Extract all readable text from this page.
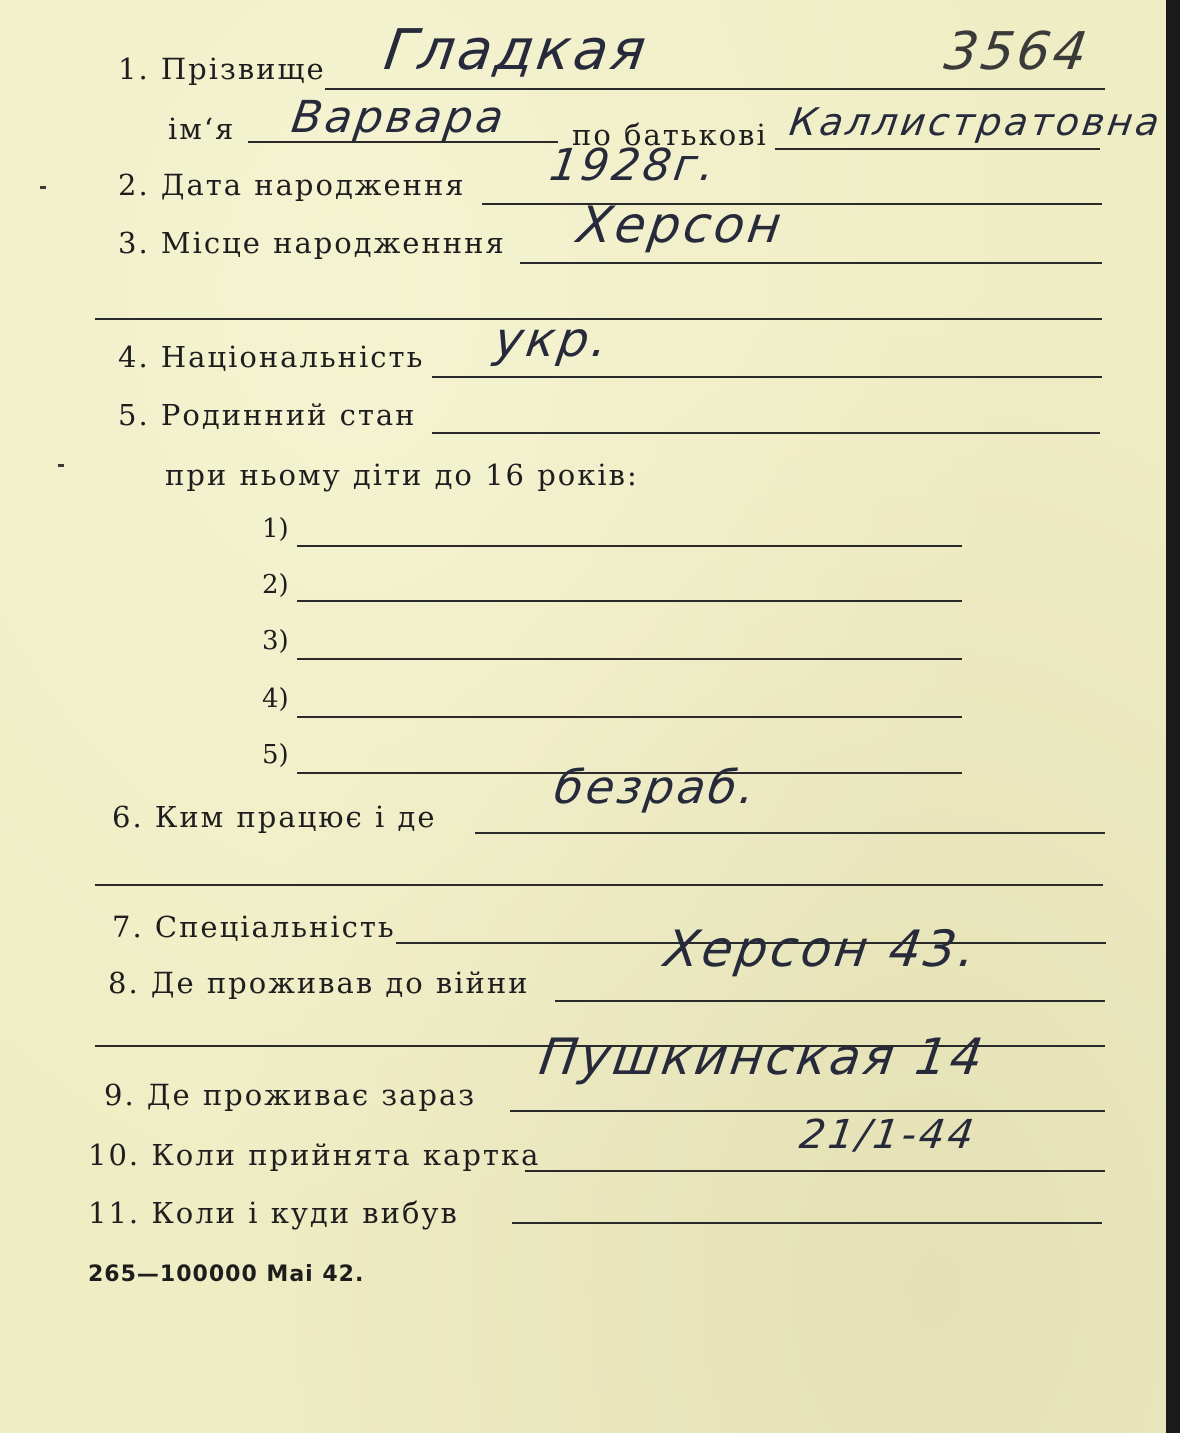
3564
1. Прізвище Гладкая
ім‘я Варвара по батькові Каллистратовна
2. Дата народження 1928г.
3. Місце народженння Херсон
4. Національність укр.
5. Родинний стан
при ньому діти до 16 років:
1)
2)
3)
4)
5)
6. Ким працює і де
безраб.
7. Спеціальність
8. Де проживав до війни
Херсон 43.
9. Де проживає зараз
Пушкинская 14
10. Коли прийнята картка	21/1-44
11. Коли і куди вибув
265—100000 Mai 42.
